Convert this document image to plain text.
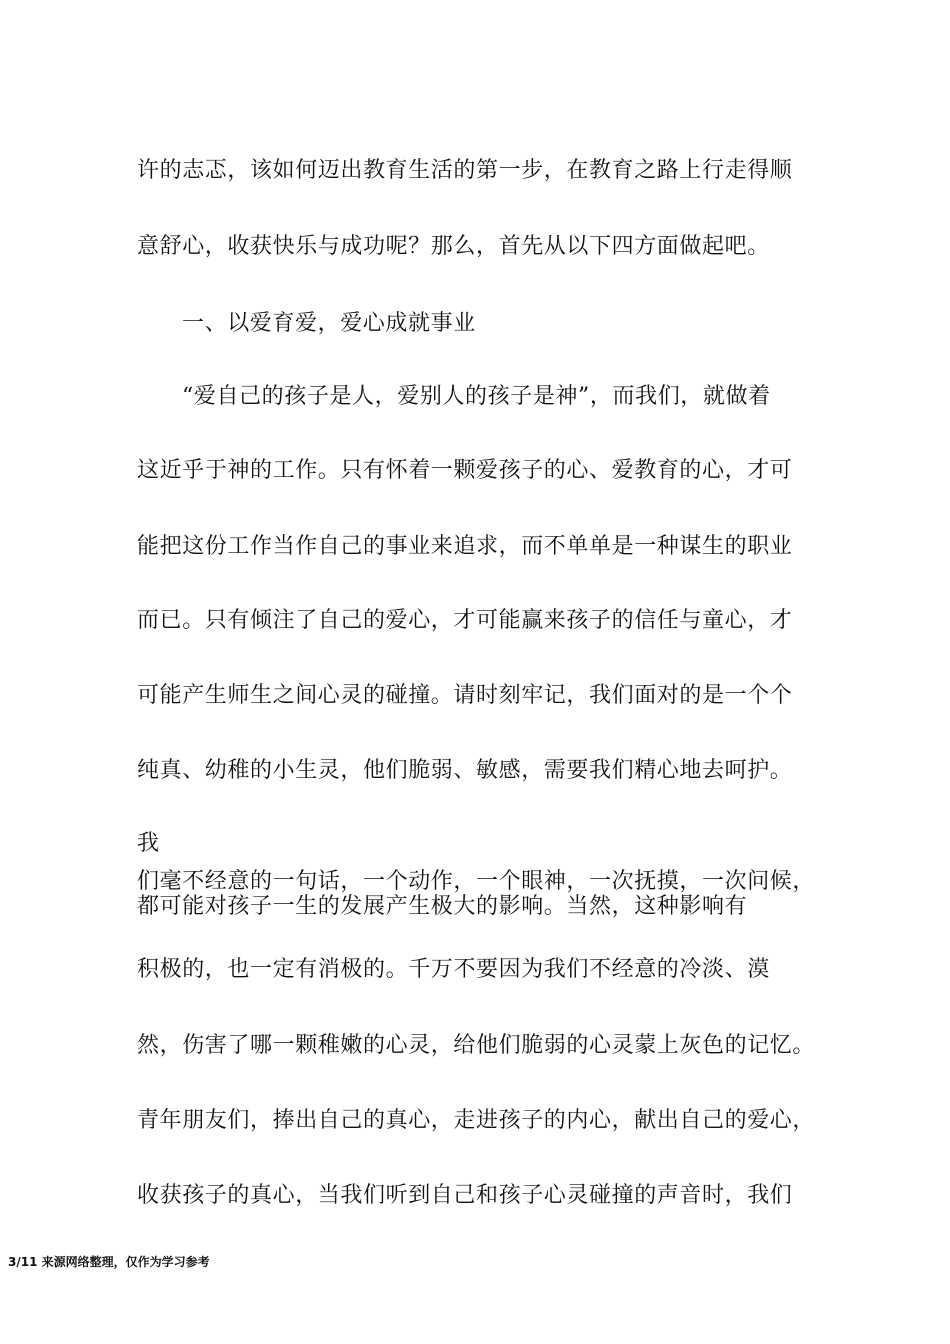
许的志忑，该如何迈出教育生活的第一步，在教育之路上行走得顺
意舒心，收获快乐与成功呢？那么，首先从以下四方面做起吧。
一、以爱育爱，爱心成就事业
“爱自己的孩子是人，爱别人的孩子是神”，而我们，就做着
这近乎于神的工作。只有怀着一颗爱孩子的心、爱教育的心，才可
能把这份工作当作自己的事业来追求，而不单单是一种谋生的职业
而已。只有倾注了自己的爱心，才可能赢来孩子的信任与童心，才
可能产生师生之间心灵的碰撞。请时刻牢记，我们面对的是一个个
纯真、幼稚的小生灵，他们脆弱、敏感，需要我们精心地去呵护。
我
们毫不经意的一句话，一个动作，一个眼神，一次抚摸，一次问候，
都可能对孩子一生的发展产生极大的影响。当然，这种影响有
积极的，也一定有消极的。千万不要因为我们不经意的冷淡、漠
然，伤害了哪一颗稚嫩的心灵，给他们脆弱的心灵蒙上灰色的记忆。
青年朋友们，捧出自己的真心，走进孩子的内心，献出自己的爱心，
收获孩子的真心，当我们听到自己和孩子心灵碰撞的声音时，我们
3/11 来源网络整理，仅作为学习参考
